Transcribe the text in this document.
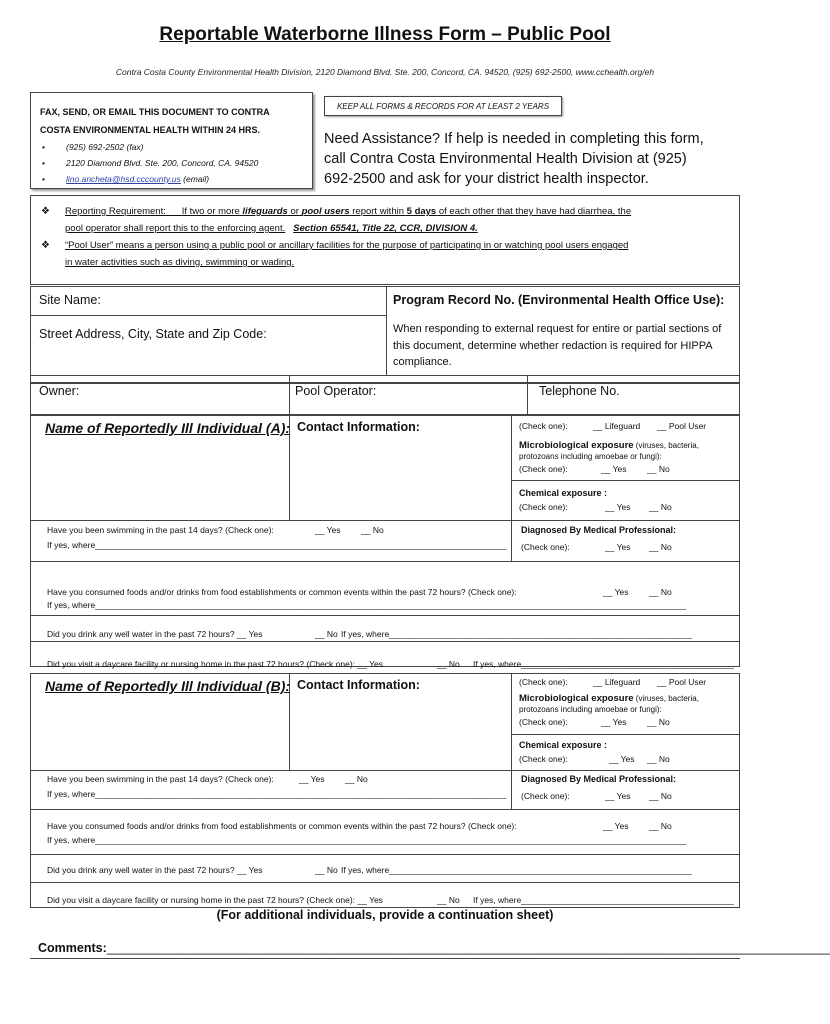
Reportable Waterborne Illness Form – Public Pool
Contra Costa County Environmental Health Division, 2120 Diamond Blvd. Ste. 200, Concord, CA. 94520, (925) 692-2500, www.cchealth.org/eh
FAX, SEND, OR EMAIL THIS DOCUMENT TO CONTRA
COSTA ENVIRONMENTAL HEALTH WITHIN 24 HRS.
• (925) 692-2502 (fax)
• 2120 Diamond Blvd. Ste. 200, Concord, CA. 94520
• lino.ancheta@hsd.cccounty.us (email)
KEEP ALL FORMS & RECORDS FOR AT LEAST 2 YEARS
Need Assistance? If help is needed in completing this form, call Contra Costa Environmental Health Division at (925) 692-2500 and ask for your district health inspector.
❖ Reporting Requirement: If two or more lifeguards or pool users report within 5 days of each other that they have had diarrhea, the
pool operator shall report this to the enforcing agent. Section 65541, Title 22, CCR, DIVISION 4.
❖ “Pool User” means a person using a public pool or ancillary facilities for the purpose of participating in or watching pool users engaged
in water activities such as diving, swimming or wading.
Site Name:	Program Record No. (Environmental Health Office Use):
Street Address, City, State and Zip Code:	When responding to external request for entire or partial sections of this document, determine whether redaction is required for HIPPA compliance.
Owner:	Pool Operator:	Telephone No.
Name of Reportedly Ill Individual (A): Contact Information:	(Check one):	__ Lifeguard __ Pool User
Microbiological exposure (viruses, bacteria,
protozoans including amoebae or fungi):
(Check one):	__ Yes __ No
Chemical exposure :
(Check one):	__ Yes __ No
Diagnosed By Medical Professional:
(Check one):	__ Yes __ No
Have you been swimming in the past 14 days? (Check one):	__ Yes __ No
If yes, where_______________________________________________________________________________________
Have you consumed foods and/or drinks from food establishments or common events within the past 72 hours? (Check one):	__ Yes __ No
If yes, where_____________________________________________________________________________________________________________________________
Did you drink any well water in the past 72 hours? __ Yes	__ No If yes, where________________________________________________________________
Did you visit a daycare facility or nursing home in the past 72 hours? (Check one): __ Yes	__ No If yes, where_____________________________________________
Name of Reportedly Ill Individual (B): Contact Information:	(Check one):	__ Lifeguard __ Pool User
Microbiological exposure (viruses, bacteria,
protozoans including amoebae or fungi):
(Check one):	__ Yes __ No
Chemical exposure :
(Check one):	__ Yes __ No
Diagnosed By Medical Professional:
(Check one):	__ Yes __ No
Have you been swimming in the past 14 days? (Check one):	__ Yes __ No
If yes, where_______________________________________________________________________________________
Have you consumed foods and/or drinks from food establishments or common events within the past 72 hours? (Check one):	__ Yes __ No
If yes, where_____________________________________________________________________________________________________________________________
Did you drink any well water in the past 72 hours? __ Yes	__ No If yes, where________________________________________________________________
Did you visit a daycare facility or nursing home in the past 72 hours? (Check one): __ Yes	__ No If yes, where_____________________________________________
(For additional individuals, provide a continuation sheet)
Comments:________________________________________________________________________________________________________
